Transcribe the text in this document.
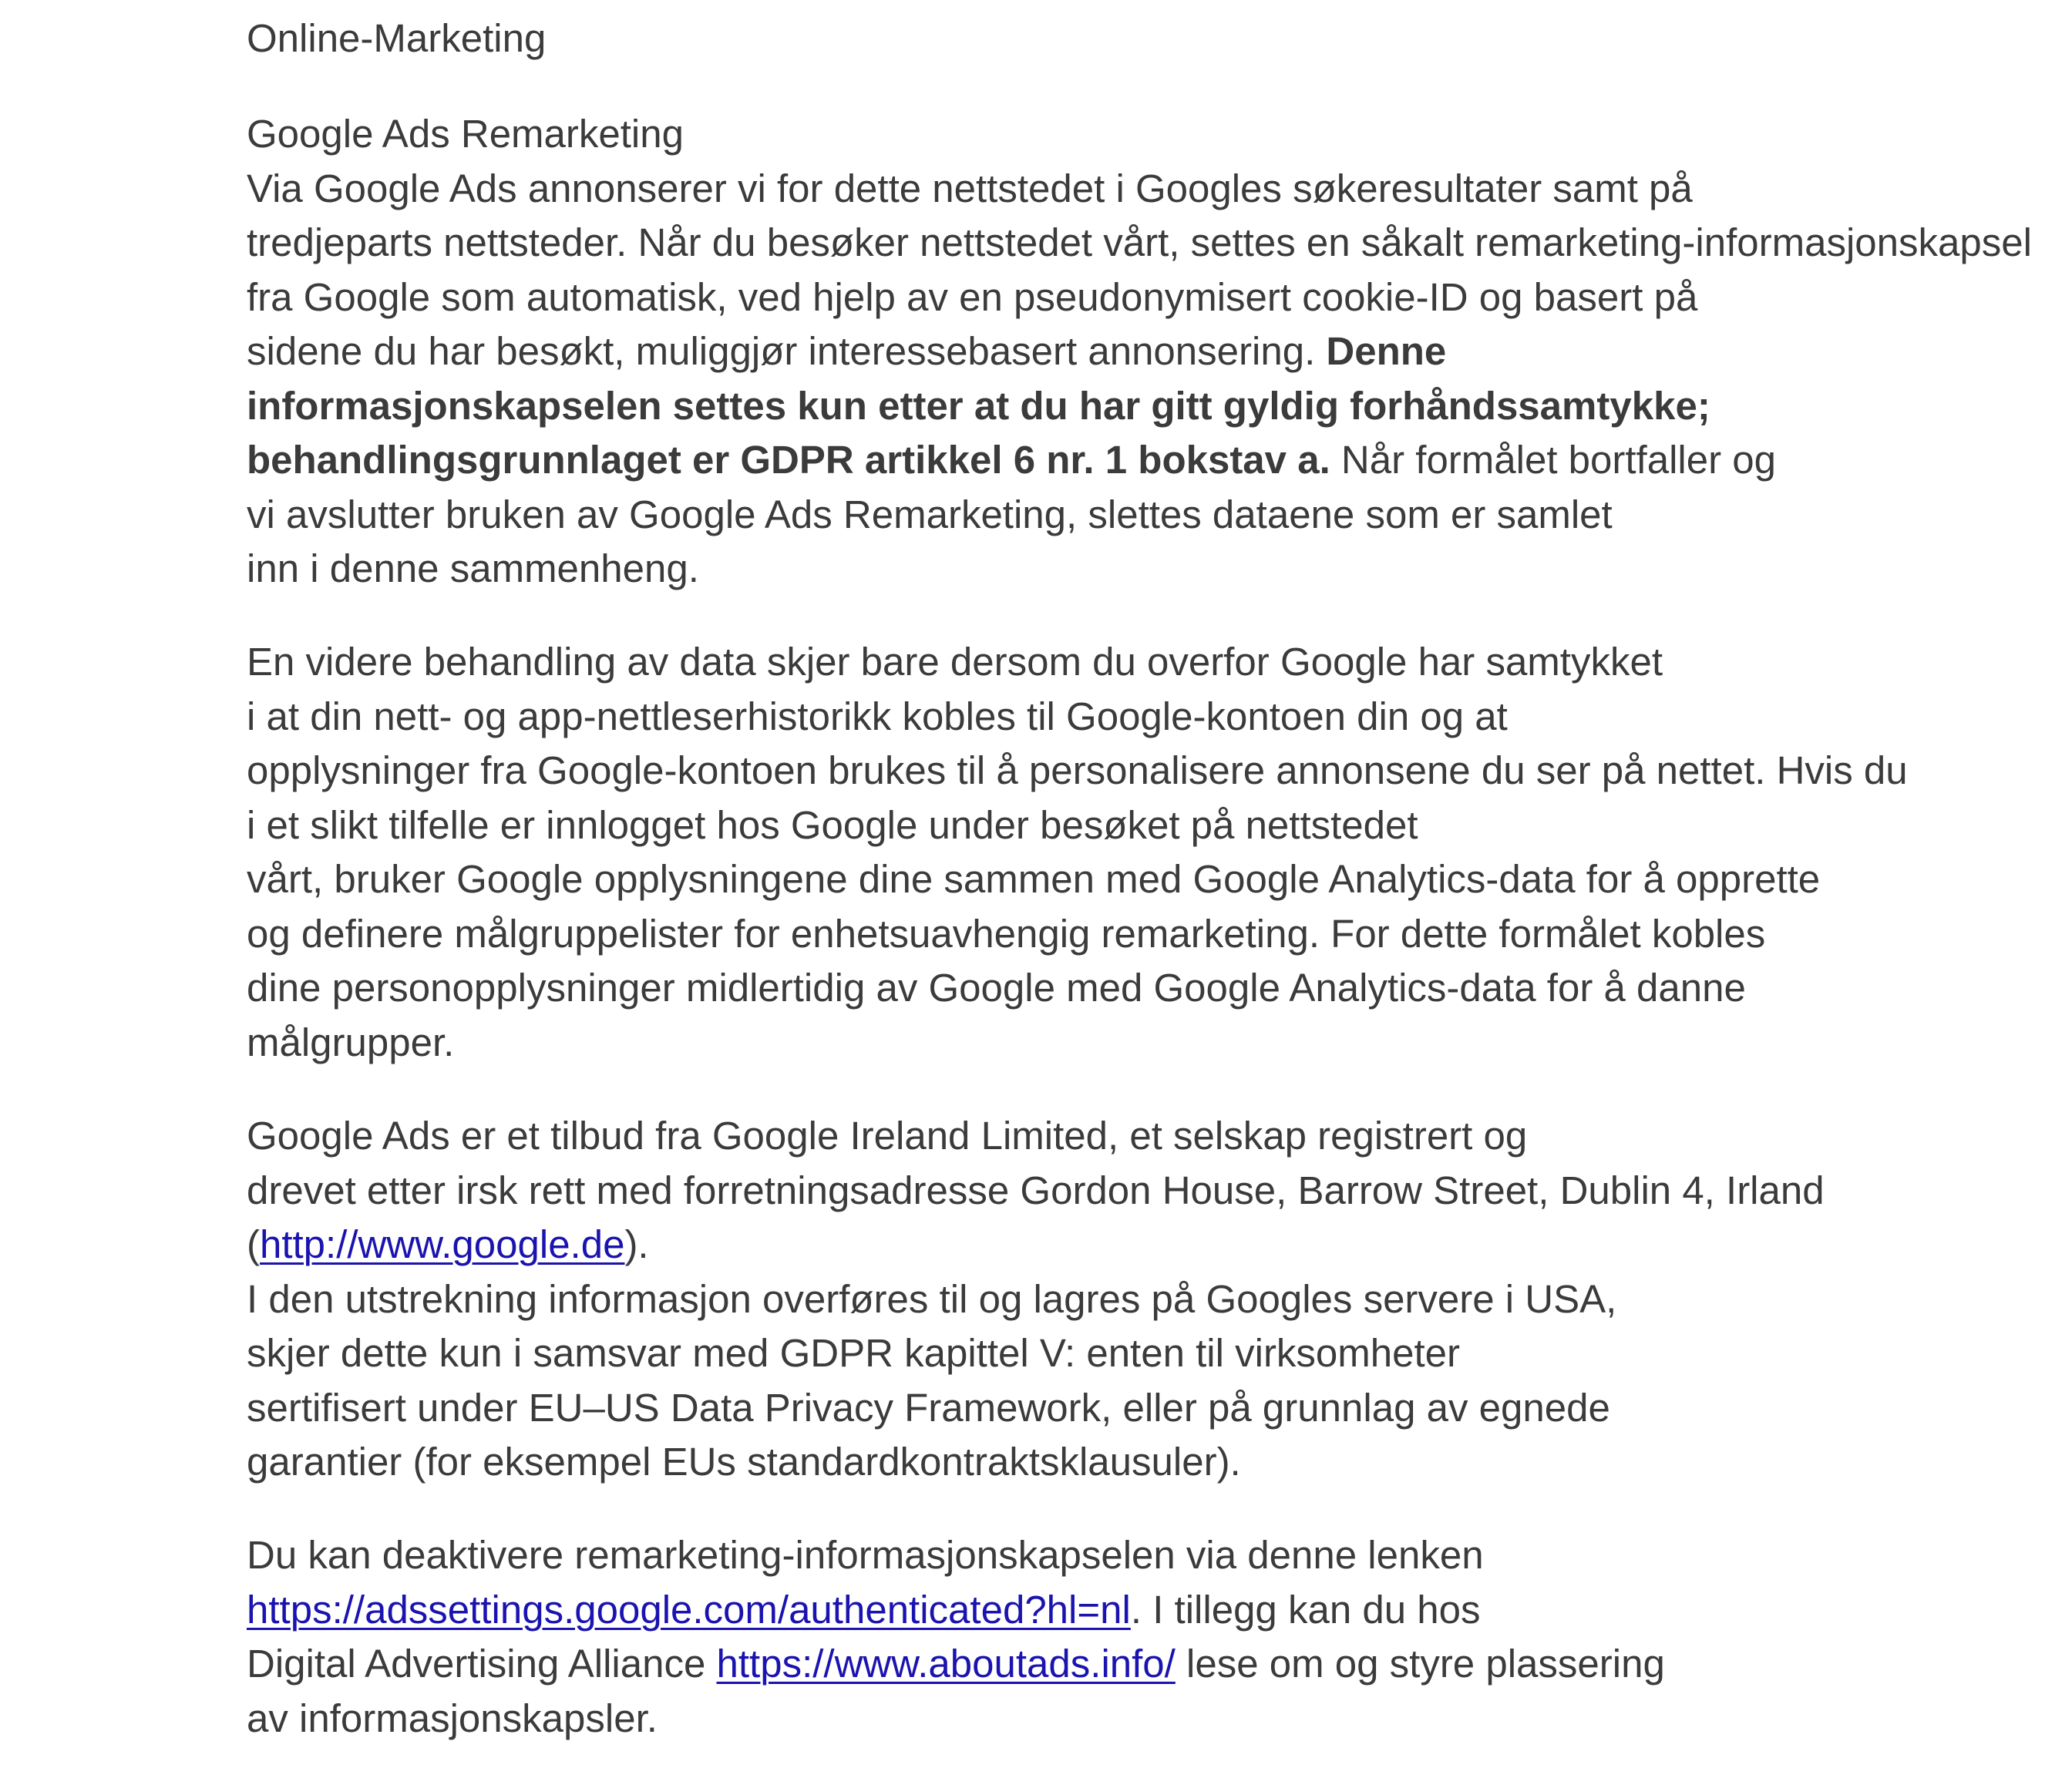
Online-Marketing
Google Ads Remarketing
Via Google Ads annonserer vi for dette nettstedet i Googles søkeresultater samt på
tredjeparts nettsteder. Når du besøker nettstedet vårt, settes en såkalt remarketing-informasjonskapsel
fra Google som automatisk, ved hjelp av en pseudonymisert cookie-ID og basert på
sidene du har besøkt, muliggjør interessebasert annonsering. Denne
informasjonskapselen settes kun etter at du har gitt gyldig forhåndssamtykke;
behandlingsgrunnlaget er GDPR artikkel 6 nr. 1 bokstav a. Når formålet bortfaller og
vi avslutter bruken av Google Ads Remarketing, slettes dataene som er samlet
inn i denne sammenheng.
En videre behandling av data skjer bare dersom du overfor Google har samtykket
i at din nett- og app-nettleserhistorikk kobles til Google-kontoen din og at
opplysninger fra Google-kontoen brukes til å personalisere annonsene du ser på nettet. Hvis du
i et slikt tilfelle er innlogget hos Google under besøket på nettstedet
vårt, bruker Google opplysningene dine sammen med Google Analytics-data for å opprette
og definere målgruppelister for enhetsuavhengig remarketing. For dette formålet kobles
dine personopplysninger midlertidig av Google med Google Analytics-data for å danne
målgrupper.
Google Ads er et tilbud fra Google Ireland Limited, et selskap registrert og
drevet etter irsk rett med forretningsadresse Gordon House, Barrow Street, Dublin 4, Irland
(http://www.google.de).
I den utstrekning informasjon overføres til og lagres på Googles servere i USA,
skjer dette kun i samsvar med GDPR kapittel V: enten til virksomheter
sertifisert under EU–US Data Privacy Framework, eller på grunnlag av egnede
garantier (for eksempel EUs standardkontraktsklausuler).
Du kan deaktivere remarketing-informasjonskapselen via denne lenken
https://adssettings.google.com/authenticated?hl=nl. I tillegg kan du hos
Digital Advertising Alliance https://www.aboutads.info/ lese om og styre plassering
av informasjonskapsler.
